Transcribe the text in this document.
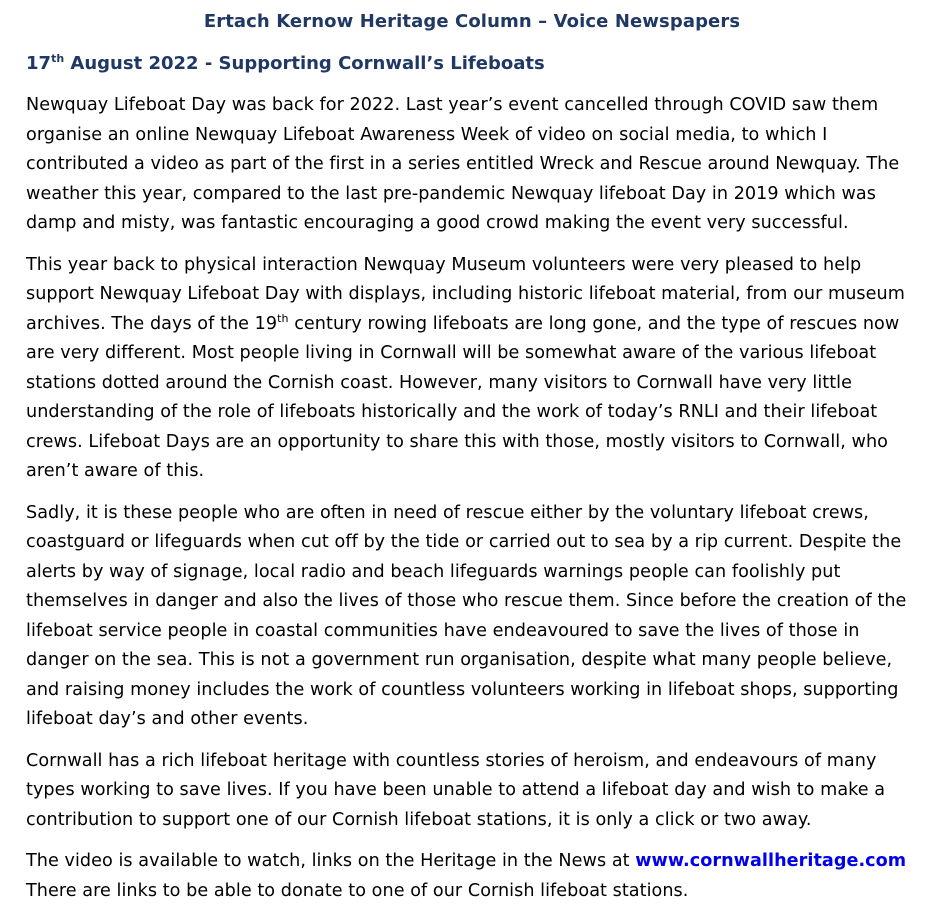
Ertach Kernow Heritage Column – Voice Newspapers
17th August 2022 - Supporting Cornwall’s Lifeboats

Newquay Lifeboat Day was back for 2022. Last year’s event cancelled through COVID saw them organise an online Newquay Lifeboat Awareness Week of video on social media, to which I contributed a video as part of the first in a series entitled Wreck and Rescue around Newquay. The weather this year, compared to the last pre-pandemic Newquay lifeboat Day in 2019 which was damp and misty, was fantastic encouraging a good crowd making the event very successful.

This year back to physical interaction Newquay Museum volunteers were very pleased to help support Newquay Lifeboat Day with displays, including historic lifeboat material, from our museum archives. The days of the 19th century rowing lifeboats are long gone, and the type of rescues now are very different. Most people living in Cornwall will be somewhat aware of the various lifeboat stations dotted around the Cornish coast. However, many visitors to Cornwall have very little understanding of the role of lifeboats historically and the work of today’s RNLI and their lifeboat crews. Lifeboat Days are an opportunity to share this with those, mostly visitors to Cornwall, who aren’t aware of this.

Sadly, it is these people who are often in need of rescue either by the voluntary lifeboat crews, coastguard or lifeguards when cut off by the tide or carried out to sea by a rip current. Despite the alerts by way of signage, local radio and beach lifeguards warnings people can foolishly put themselves in danger and also the lives of those who rescue them. Since before the creation of the lifeboat service people in coastal communities have endeavoured to save the lives of those in danger on the sea. This is not a government run organisation, despite what many people believe, and raising money includes the work of countless volunteers working in lifeboat shops, supporting lifeboat day’s and other events.

Cornwall has a rich lifeboat heritage with countless stories of heroism, and endeavours of many types working to save lives. If you have been unable to attend a lifeboat day and wish to make a contribution to support one of our Cornish lifeboat stations, it is only a click or two away.

The video is available to watch, links on the Heritage in the News at www.cornwallheritage.com
There are links to be able to donate to one of our Cornish lifeboat stations.
